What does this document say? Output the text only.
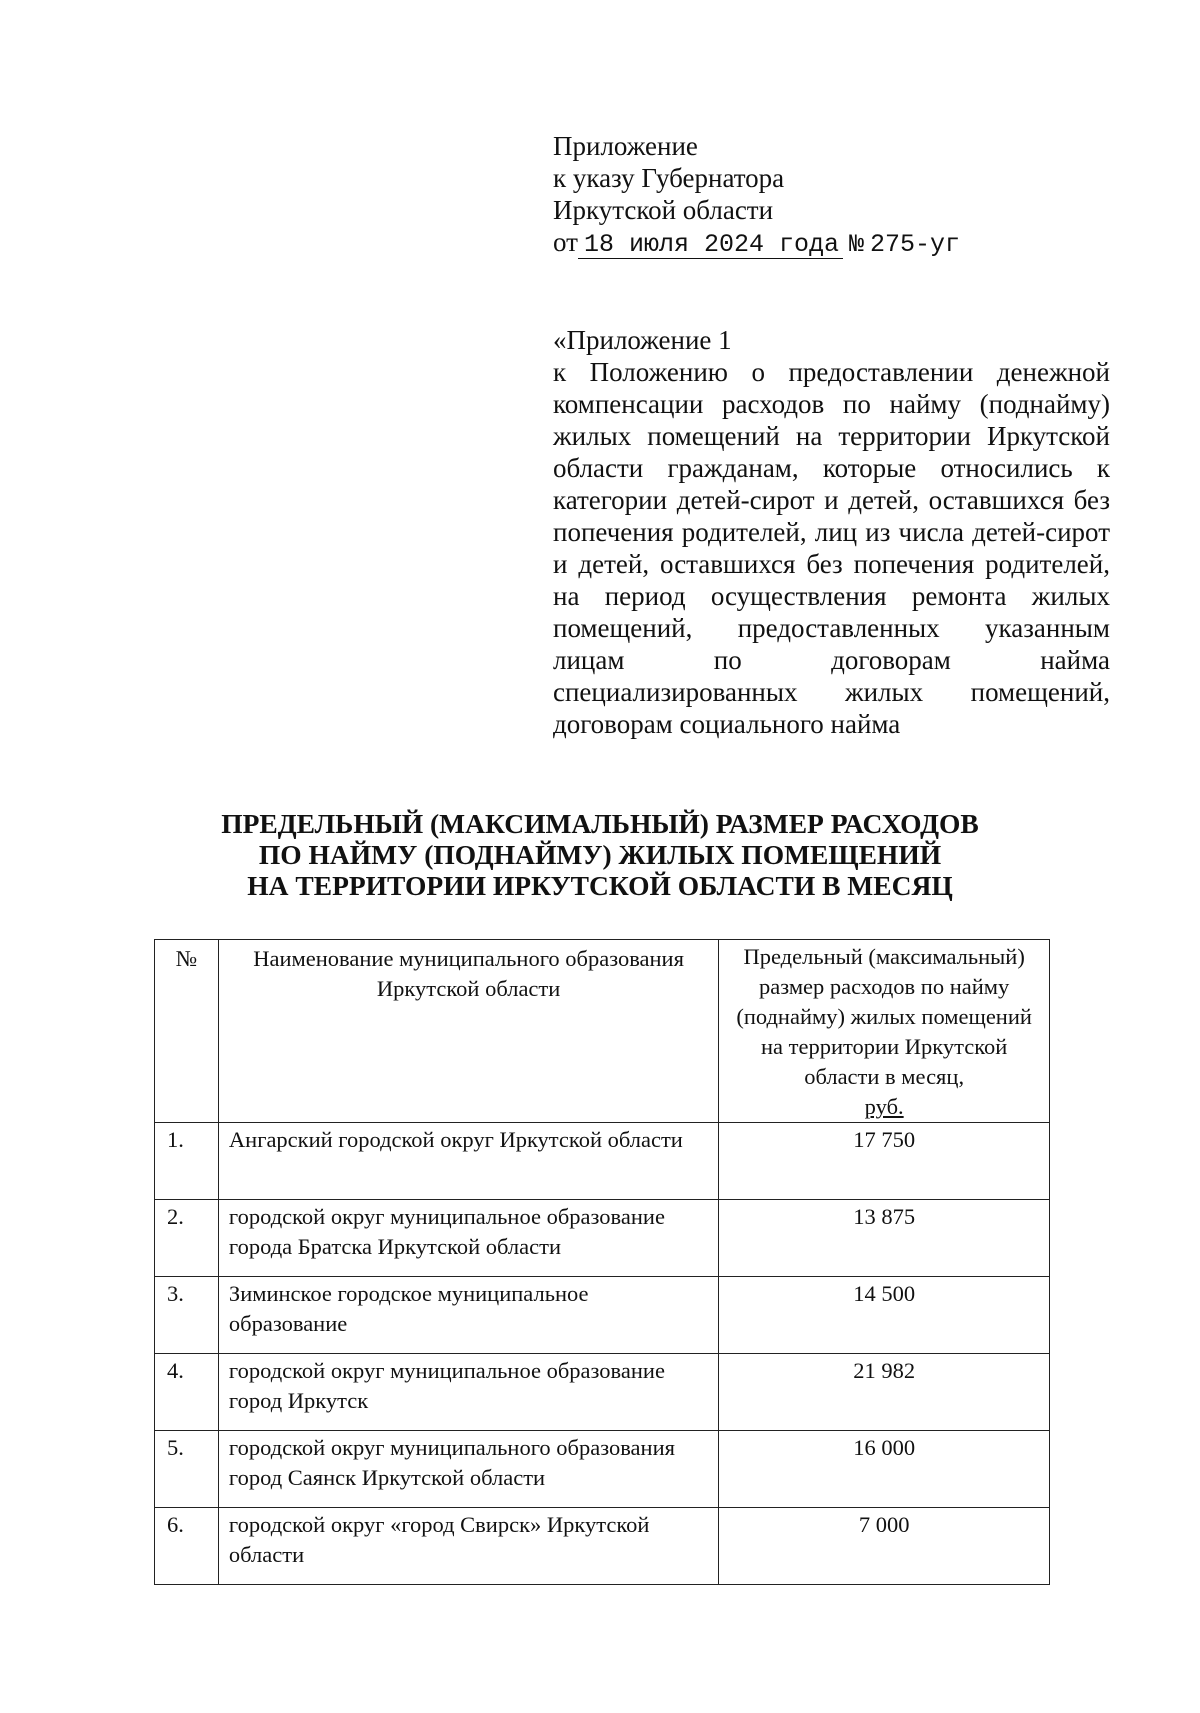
Приложение
к указу Губернатора
Иркутской области
от 18 июля 2024 года № 275-уг
«Приложение 1
к Положению о предоставлении денежной компенсации расходов по найму (поднайму) жилых помещений на территории Иркутской области гражданам, которые относились к категории детей-сирот и детей, оставшихся без попечения родителей, лиц из числа детей-сирот и детей, оставшихся без попечения родителей, на период осуществления ремонта жилых помещений, предоставленных указанным лицам по договорам найма специализированных жилых помещений, договорам социального найма
ПРЕДЕЛЬНЫЙ (МАКСИМАЛЬНЫЙ) РАЗМЕР РАСХОДОВ
ПО НАЙМУ (ПОДНАЙМУ) ЖИЛЫХ ПОМЕЩЕНИЙ
НА ТЕРРИТОРИИ ИРКУТСКОЙ ОБЛАСТИ В МЕСЯЦ
№	Наименование муниципального образования Иркутской области	Предельный (максимальный) размер расходов по найму (поднайму) жилых помещений на территории Иркутской области в месяц,
руб.
1.	Ангарский городской округ Иркутской области	17 750
2.	городской округ муниципальное образование города Братска Иркутской области	13 875
3.	Зиминское городское муниципальное образование	14 500
4.	городской округ муниципальное образование город Иркутск	21 982
5.	городской округ муниципального образования город Саянск Иркутской области	16 000
6.	городской округ «город Свирск» Иркутской области	7 000
